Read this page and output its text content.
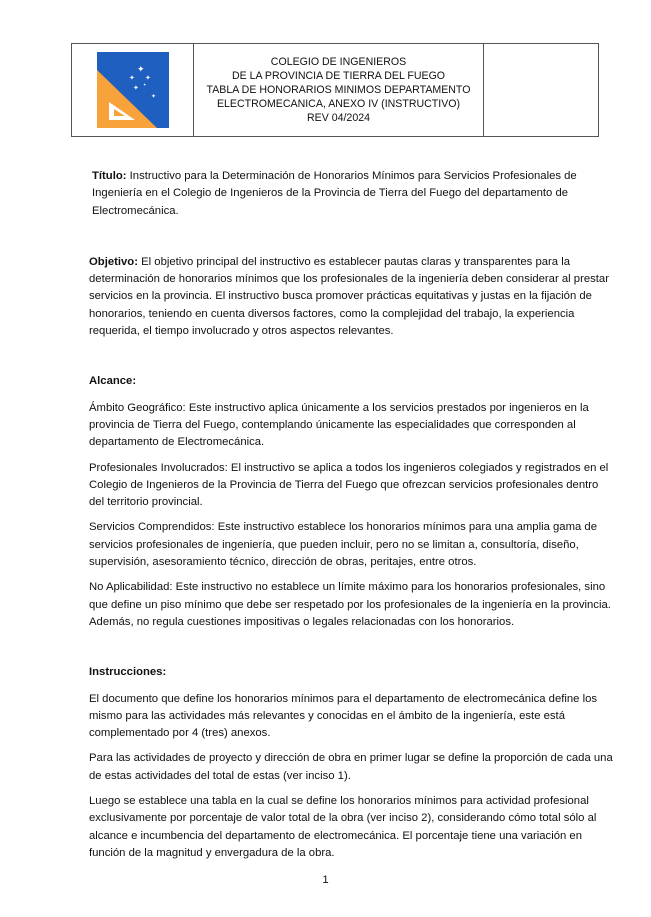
✦
✦
✦
✦
✦
✦

COLEGIO DE INGENIEROS
DE LA PROVINCIA DE TIERRA DEL FUEGO
TABLA DE HONORARIOS MINIMOS DEPARTAMENTO
ELECTROMECANICA, ANEXO IV (INSTRUCTIVO)
REV 04/2024

Título: Instructivo para la Determinación de Honorarios Mínimos para Servicios Profesionales de Ingeniería en el Colegio de Ingenieros de la Provincia de Tierra del Fuego del departamento de Electromecánica.

Objetivo: El objetivo principal del instructivo es establecer pautas claras y transparentes para la determinación de honorarios mínimos que los profesionales de la ingeniería deben considerar al prestar servicios en la provincia. El instructivo busca promover prácticas equitativas y justas en la fijación de honorarios, teniendo en cuenta diversos factores, como la complejidad del trabajo, la experiencia requerida, el tiempo involucrado y otros aspectos relevantes.

Alcance:

Ámbito Geográfico: Este instructivo aplica únicamente a los servicios prestados por ingenieros en la provincia de Tierra del Fuego, contemplando únicamente las especialidades que corresponden al departamento de Electromecánica.

Profesionales Involucrados: El instructivo se aplica a todos los ingenieros colegiados y registrados en el Colegio de Ingenieros de la Provincia de Tierra del Fuego que ofrezcan servicios profesionales dentro del territorio provincial.

Servicios Comprendidos: Este instructivo establece los honorarios mínimos para una amplia gama de servicios profesionales de ingeniería, que pueden incluir, pero no se limitan a, consultoría, diseño, supervisión, asesoramiento técnico, dirección de obras, peritajes, entre otros.

No Aplicabilidad: Este instructivo no establece un límite máximo para los honorarios profesionales, sino que define un piso mínimo que debe ser respetado por los profesionales de la ingeniería en la provincia. Además, no regula cuestiones impositivas o legales relacionadas con los honorarios.

Instrucciones:

El documento que define los honorarios mínimos para el departamento de electromecánica define los mismo para las actividades más relevantes y conocidas en el ámbito de la ingeniería, este está complementado por 4 (tres) anexos.

Para las actividades de proyecto y dirección de obra en primer lugar se define la proporción de cada una de estas actividades del total de estas (ver inciso 1).

Luego se establece una tabla en la cual se define los honorarios mínimos para actividad profesional exclusivamente por porcentaje de valor total de la obra (ver inciso 2), considerando cómo total sólo al alcance e incumbencia del departamento de electromecánica. El porcentaje tiene una variación en función de la magnitud y envergadura de la obra.

1
